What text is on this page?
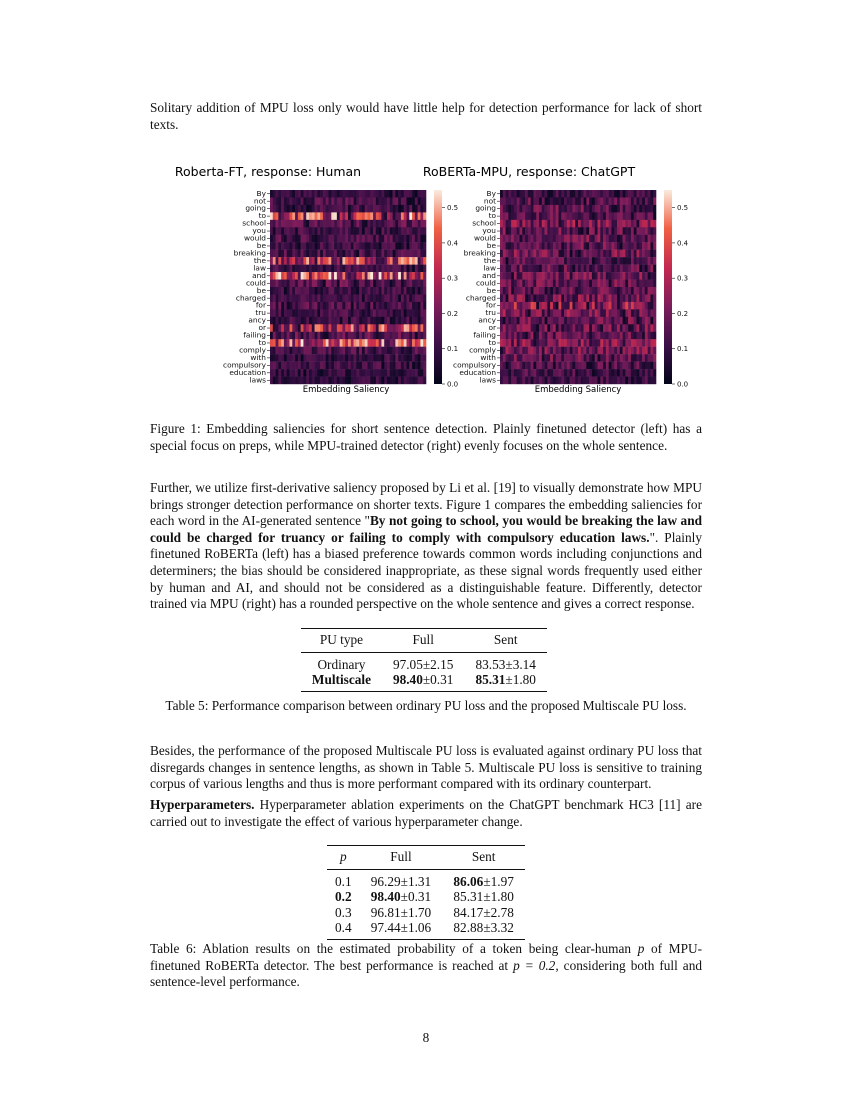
Solitary addition of MPU loss only would have little help for detection performance for lack of short texts.

Roberta-FT, response: Human
By
not
going
to
school
you
would
be
breaking
the
law
and
could
be
charged
for
tru
ancy
or
failing
to
comply
with
compulsory
education
laws
0.5
0.4
0.3
0.2
0.1
0.0
Embedding Saliency
RoBERTa-MPU, response: ChatGPT
By
not
going
to
school
you
would
be
breaking
the
law
and
could
be
charged
for
tru
ancy
or
failing
to
comply
with
compulsory
education
laws
0.5
0.4
0.3
0.2
0.1
0.0
Embedding Saliency

Figure 1: Embedding saliencies for short sentence detection. Plainly finetuned detector (left) has a special focus on preps, while MPU-trained detector (right) evenly focuses on the whole sentence.

Further, we utilize first-derivative saliency proposed by Li et al. [19] to visually demonstrate how MPU brings stronger detection performance on shorter texts. Figure 1 compares the embedding saliencies for each word in the AI-generated sentence "By not going to school, you would be breaking the law and could be charged for truancy or failing to comply with compulsory education laws.". Plainly finetuned RoBERTa (left) has a biased preference towards common words including conjunctions and determiners; the bias should be considered inappropriate, as these signal words frequently used either by human and AI, and should not be considered as a distinguishable feature. Differently, detector trained via MPU (right) has a rounded perspective on the whole sentence and gives a correct response.

PU type	Full	Sent
Ordinary	97.05±2.15	83.53±3.14
Multiscale	98.40±0.31	85.31±1.80

Table 5: Performance comparison between ordinary PU loss and the proposed Multiscale PU loss.

Besides, the performance of the proposed Multiscale PU loss is evaluated against ordinary PU loss that disregards changes in sentence lengths, as shown in Table 5. Multiscale PU loss is sensitive to training corpus of various lengths and thus is more performant compared with its ordinary counterpart.

Hyperparameters. Hyperparameter ablation experiments on the ChatGPT benchmark HC3 [11] are carried out to investigate the effect of various hyperparameter change.

p	Full	Sent
0.1	96.29±1.31	86.06±1.97
0.2	98.40±0.31	85.31±1.80
0.3	96.81±1.70	84.17±2.78
0.4	97.44±1.06	82.88±3.32

Table 6: Ablation results on the estimated probability of a token being clear-human p of MPU-finetuned RoBERTa detector. The best performance is reached at p = 0.2, considering both full and sentence-level performance.

8
